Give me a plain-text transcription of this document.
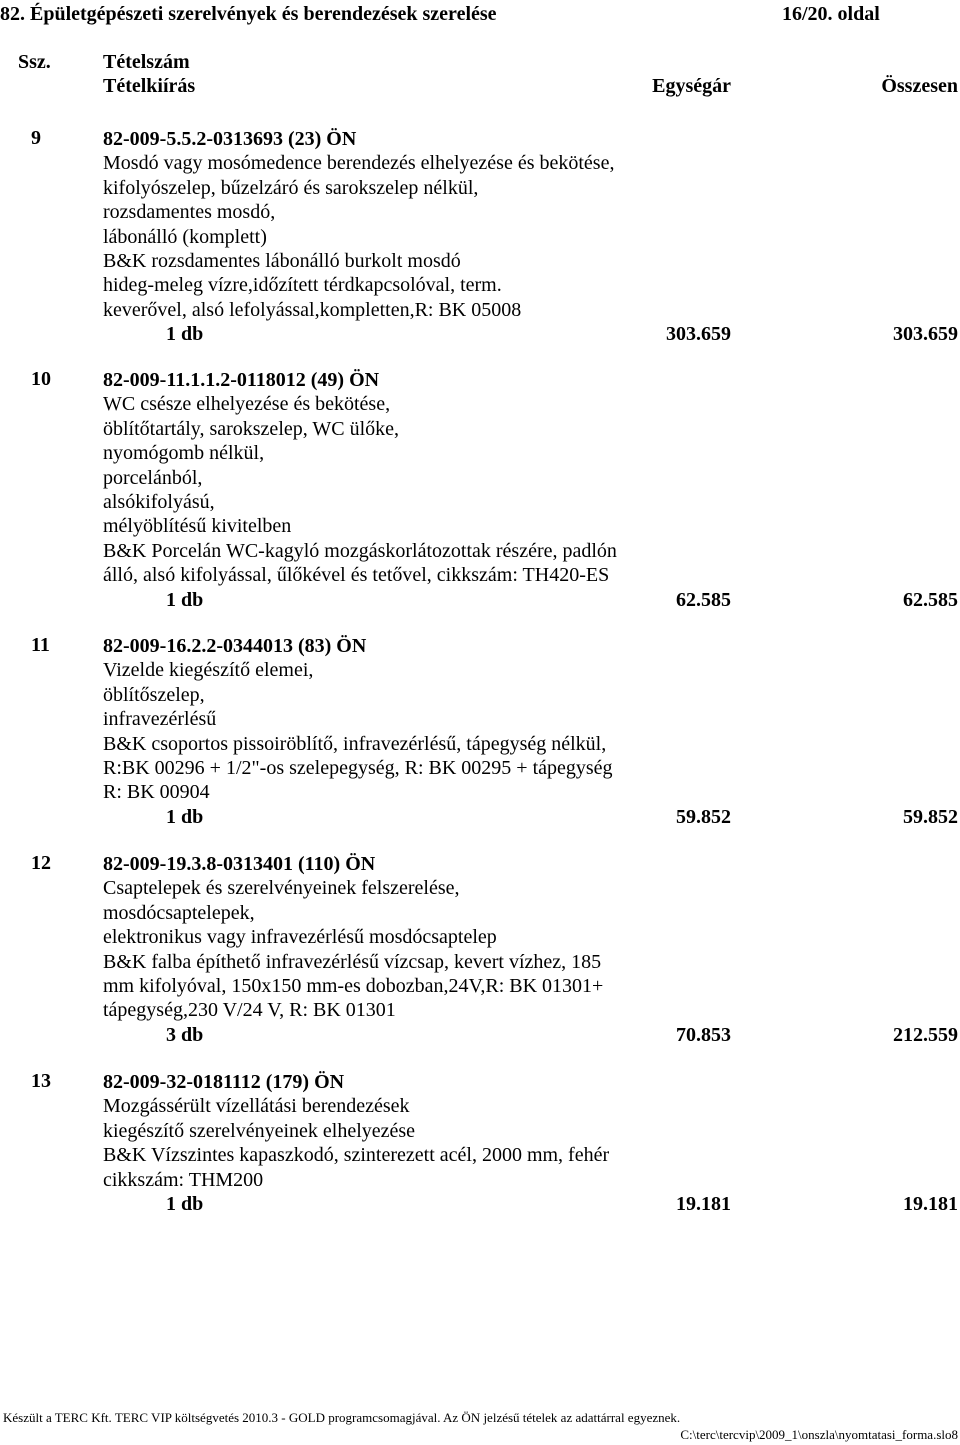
82. Épületgépészeti szerelvények és berendezések szerelése	16/20. oldal
Ssz.	Tételszám
Tételkiírás	Egységár	Összesen
9	82-009-5.5.2-0313693 (23) ÖN
Mosdó vagy mosómedence berendezés elhelyezése és bekötése,
kifolyószelep, bűzelzáró és sarokszelep nélkül,
rozsdamentes mosdó,
lábonálló (komplett)
B&K rozsdamentes lábonálló burkolt mosdó
hideg-meleg vízre,időzített térdkapcsolóval, term.
keverővel, alsó lefolyással,kompletten,R: BK 05008
1 db	303.659	303.659
10	82-009-11.1.1.2-0118012 (49) ÖN
WC csésze elhelyezése és bekötése,
öblítőtartály, sarokszelep, WC ülőke,
nyomógomb nélkül,
porcelánból,
alsókifolyású,
mélyöblítésű kivitelben
B&K Porcelán WC-kagyló mozgáskorlátozottak részére, padlón
álló, alsó kifolyással, űlőkével és tetővel, cikkszám: TH420-ES
1 db	62.585	62.585
11	82-009-16.2.2-0344013 (83) ÖN
Vizelde kiegészítő elemei,
öblítőszelep,
infravezérlésű
B&K csoportos pissoiröblítő, infravezérlésű, tápegység nélkül,
R:BK 00296 + 1/2"-os szelepegység, R: BK 00295 + tápegység
R: BK 00904
1 db	59.852	59.852
12	82-009-19.3.8-0313401 (110) ÖN
Csaptelepek és szerelvényeinek felszerelése,
mosdócsaptelepek,
elektronikus vagy infravezérlésű mosdócsaptelep
B&K falba építhető infravezérlésű vízcsap, kevert vízhez, 185
mm kifolyóval, 150x150 mm-es dobozban,24V,R: BK 01301+
tápegység,230 V/24 V, R: BK 01301
3 db	70.853	212.559
13	82-009-32-0181112 (179) ÖN
Mozgássérült vízellátási berendezések
kiegészítő szerelvényeinek elhelyezése
B&K Vízszintes kapaszkodó, szinterezett acél, 2000 mm, fehér
cikkszám: THM200
1 db	19.181	19.181
Készült a TERC Kft. TERC VIP költségvetés 2010.3 - GOLD programcsomagjával. Az ÖN jelzésű tételek az adattárral egyeznek.
C:\terc\tercvip\2009_1\onszla\nyomtatasi_forma.slo8
